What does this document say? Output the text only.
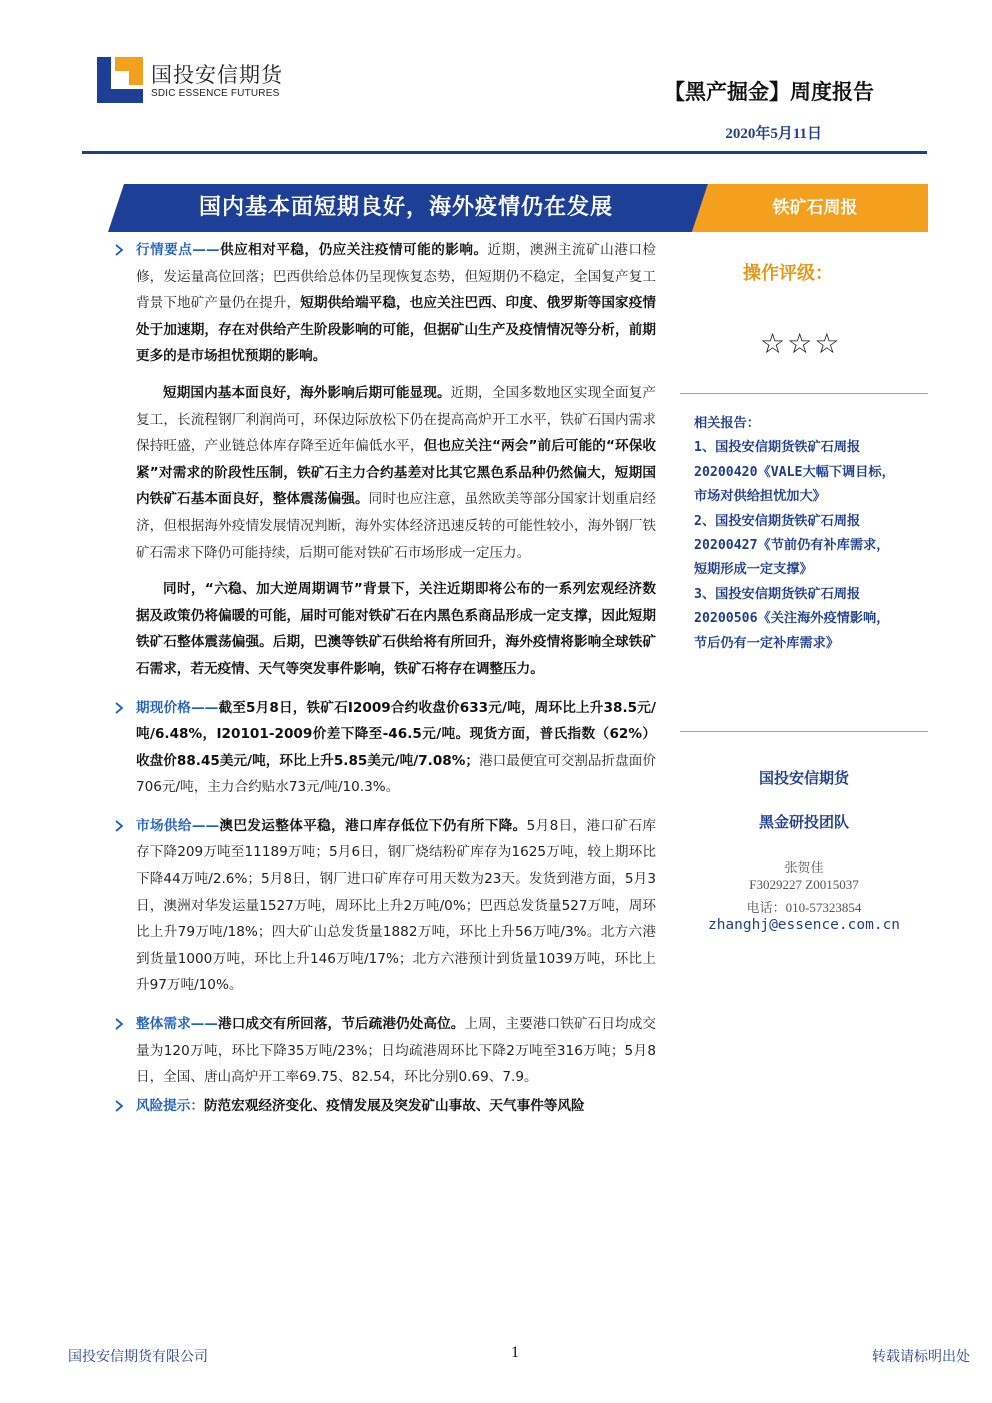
国投安信期货
SDIC ESSENCE FUTURES	【黑产掘金】周度报告
2020年5月11日
国内基本面短期良好，海外疫情仍在发展	铁矿石周报

行情要点——供应相对平稳，仍应关注疫情可能的影响。近期，澳洲主流矿山港口检修，发运量高位回落；巴西供给总体仍呈现恢复态势，但短期仍不稳定，全国复产复工背景下地矿产量仍在提升，短期供给端平稳，也应关注巴西、印度、俄罗斯等国家疫情处于加速期，存在对供给产生阶段影响的可能，但据矿山生产及疫情情况等分析，前期更多的是市场担忧预期的影响。

短期国内基本面良好，海外影响后期可能显现。近期，全国多数地区实现全面复产复工，长流程钢厂利润尚可，环保边际放松下仍在提高高炉开工水平，铁矿石国内需求保持旺盛，产业链总体库存降至近年偏低水平，但也应关注“两会”前后可能的“环保收紧”对需求的阶段性压制，铁矿石主力合约基差对比其它黑色系品种仍然偏大，短期国内铁矿石基本面良好，整体震荡偏强。同时也应注意，虽然欧美等部分国家计划重启经济，但根据海外疫情发展情况判断，海外实体经济迅速反转的可能性较小，海外钢厂铁矿石需求下降仍可能持续，后期可能对铁矿石市场形成一定压力。

同时，“六稳、加大逆周期调节”背景下，关注近期即将公布的一系列宏观经济数据及政策仍将偏暖的可能，届时可能对铁矿石在内黑色系商品形成一定支撑，因此短期铁矿石整体震荡偏强。后期，巴澳等铁矿石供给将有所回升，海外疫情将影响全球铁矿石需求，若无疫情、天气等突发事件影响，铁矿石将存在调整压力。

期现价格——截至5月8日，铁矿石I2009合约收盘价633元/吨，周环比上升38.5元/吨/6.48%，I20101-2009价差下降至-46.5元/吨。现货方面，普氏指数（62%）收盘价88.45美元/吨，环比上升5.85美元/吨/7.08%；港口最便宜可交割品折盘面价706元/吨，主力合约贴水73元/吨/10.3%。

市场供给——澳巴发运整体平稳，港口库存低位下仍有所下降。5月8日，港口矿石库存下降209万吨至11189万吨；5月6日，钢厂烧结粉矿库存为1625万吨，较上期环比下降44万吨/2.6%；5月8日，钢厂进口矿库存可用天数为23天。发货到港方面，5月3日，澳洲对华发运量1527万吨，周环比上升2万吨/0%；巴西总发货量527万吨，周环比上升79万吨/18%；四大矿山总发货量1882万吨，环比上升56万吨/3%。北方六港到货量1000万吨，环比上升146万吨/17%；北方六港预计到货量1039万吨，环比上升97万吨/10%。

整体需求——港口成交有所回落，节后疏港仍处高位。上周，主要港口铁矿石日均成交量为120万吨，环比下降35万吨/23%；日均疏港周环比下降2万吨至316万吨；5月8日，全国、唐山高炉开工率69.75、82.54，环比分别0.69、7.9。

风险提示：防范宏观经济变化、疫情发展及突发矿山事故、天气事件等风险

操作评级：
☆☆☆
相关报告：
1、国投安信期货铁矿石周报
20200420《VALE大幅下调目标，
市场对供给担忧加大》
2、国投安信期货铁矿石周报
20200427《节前仍有补库需求，
短期形成一定支撑》
3、国投安信期货铁矿石周报
20200506《关注海外疫情影响，
节后仍有一定补库需求》
国投安信期货
黑金研投团队
张贺佳
F3029227 Z0015037
电话：010-57323854
zhanghj@essence.com.cn
国投安信期货有限公司	1	转载请标明出处
